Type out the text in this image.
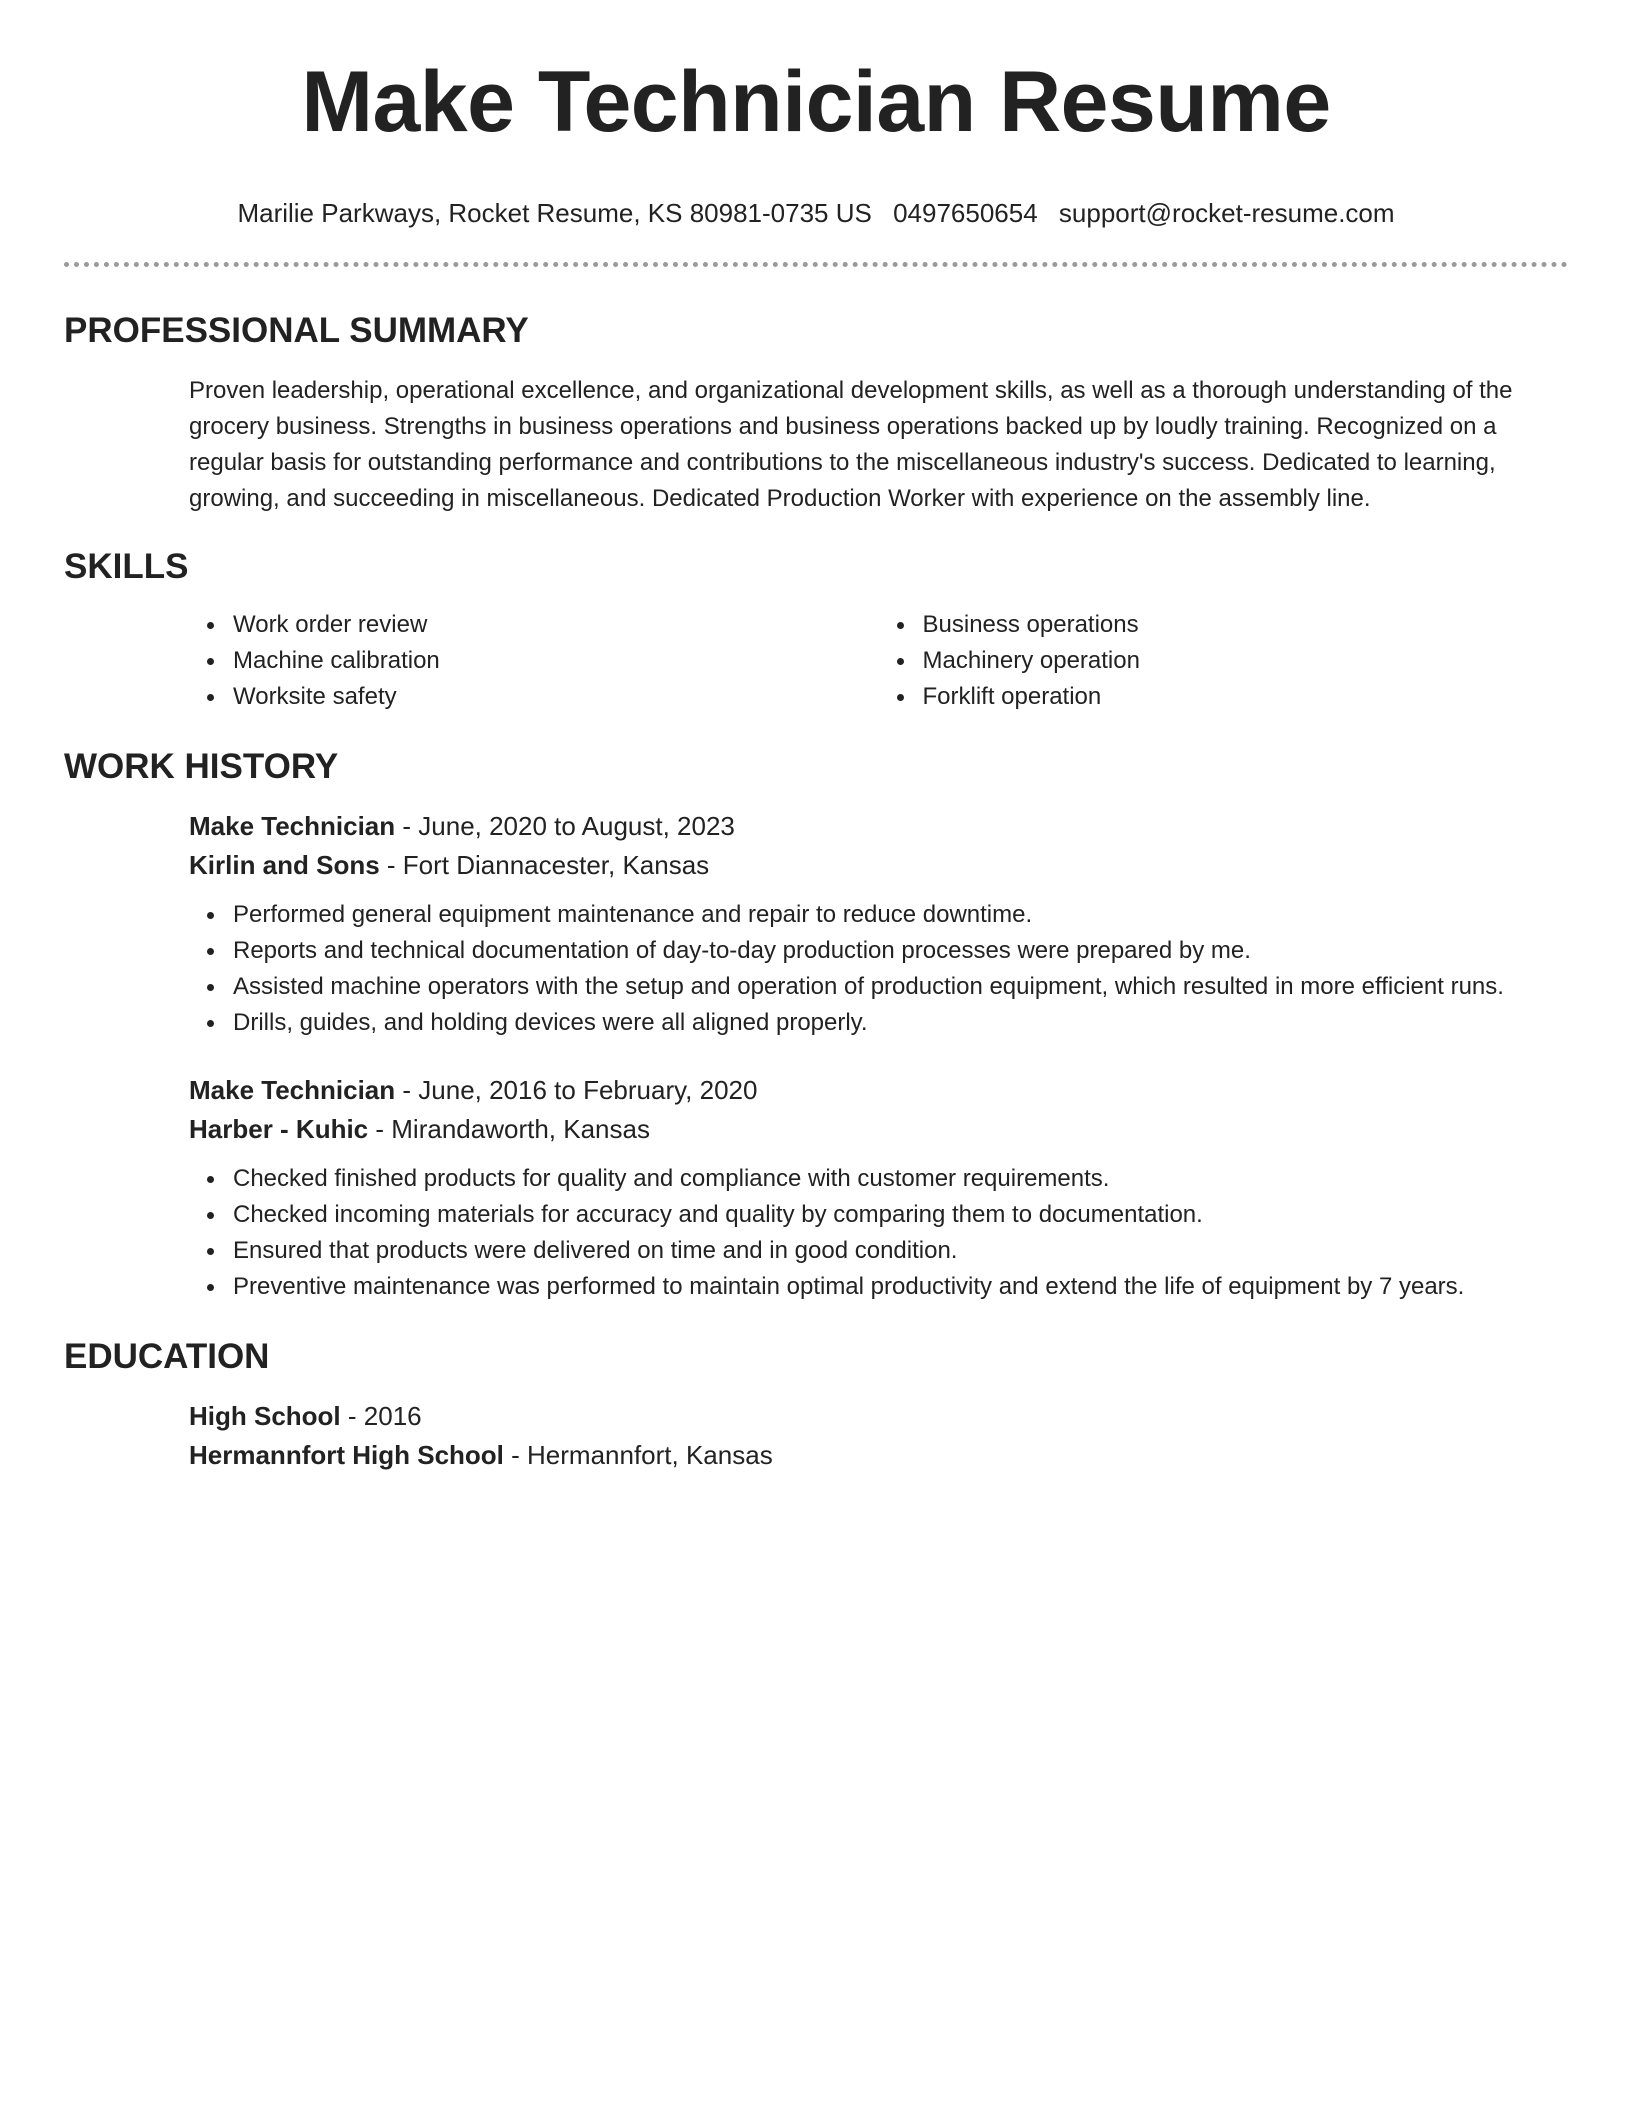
Make Technician Resume
Marilie Parkways, Rocket Resume, KS 80981-0735 US 0497650654 support@rocket-resume.com
PROFESSIONAL SUMMARY

Proven leadership, operational excellence, and organizational development skills, as well as a thorough understanding of the grocery business. Strengths in business operations and business operations backed up by loudly training. Recognized on a regular basis for outstanding performance and contributions to the miscellaneous industry's success. Dedicated to learning, growing, and succeeding in miscellaneous. Dedicated Production Worker with experience on the assembly line.

SKILLS
Work order review
Machine calibration
Worksite safety
Business operations
Machinery operation
Forklift operation
WORK HISTORY
Make Technician - June, 2020 to August, 2023
Kirlin and Sons - Fort Diannacester, Kansas
Performed general equipment maintenance and repair to reduce downtime.
Reports and technical documentation of day-to-day production processes were prepared by me.
Assisted machine operators with the setup and operation of production equipment, which resulted in more efficient runs.
Drills, guides, and holding devices were all aligned properly.
Make Technician - June, 2016 to February, 2020
Harber - Kuhic - Mirandaworth, Kansas
Checked finished products for quality and compliance with customer requirements.
Checked incoming materials for accuracy and quality by comparing them to documentation.
Ensured that products were delivered on time and in good condition.
Preventive maintenance was performed to maintain optimal productivity and extend the life of equipment by 7 years.
EDUCATION
High School - 2016
Hermannfort High School - Hermannfort, Kansas
